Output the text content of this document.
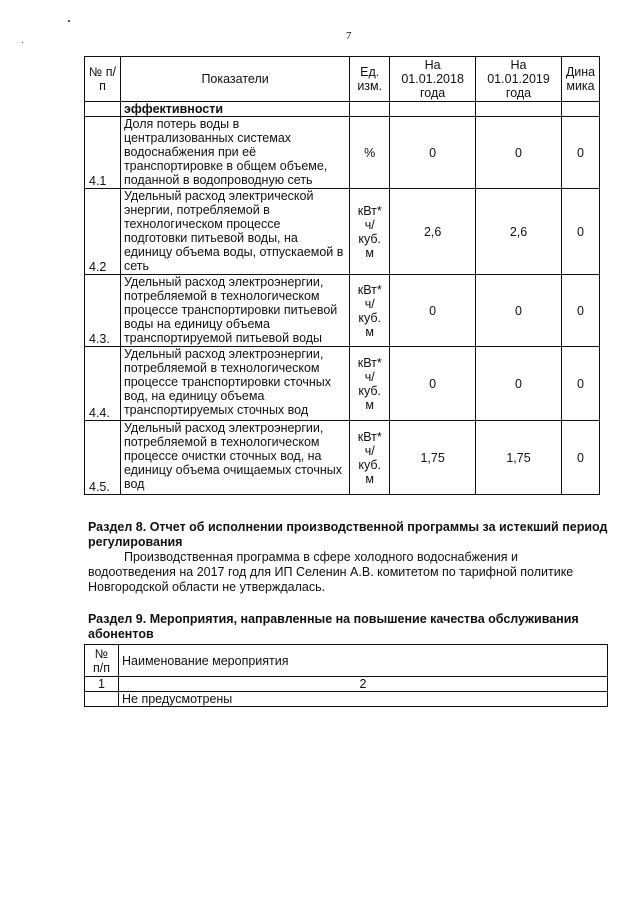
7
№ п/п	Показатели	Ед. изм.	На 01.01.2018 года	На 01.01.2019 года	Дина мика
	эффективности				
4.1	Доля потерь воды в централизованных системах водоснабжения при её транспортировке в общем объеме, поданной в водопроводную сеть	%	0	0	0
4.2	Удельный расход электрической энергии, потребляемой в технологическом процессе подготовки питьевой воды, на единицу объема воды, отпускаемой в сеть	кВт* ч/ куб. м	2,6	2,6	0
4.3.	Удельный расход электроэнергии, потребляемой в технологическом процессе транспортировки питьевой воды на единицу объема транспортируемой питьевой воды	кВт* ч/ куб. м	0	0	0
4.4.	Удельный расход электроэнергии, потребляемой в технологическом процессе транспортировки сточных вод, на единицу объема транспортируемых сточных вод	кВт* ч/ куб. м	0	0	0
4.5.	Удельный расход электроэнергии, потребляемой в технологическом процессе очистки сточных вод, на единицу объема очищаемых сточных вод	кВт* ч/ куб. м	1,75	1,75	0
Раздел 8. Отчет об исполнении производственной программы за истекший период регулирования
Производственная программа в сфере холодного водоснабжения и водоотведения на 2017 год для ИП Селенин А.В. комитетом по тарифной политике Новгородской области не утверждалась.
Раздел 9. Мероприятия, направленные на повышение качества обслуживания абонентов
№ п/п	Наименование мероприятия
1	2
	Не предусмотрены
